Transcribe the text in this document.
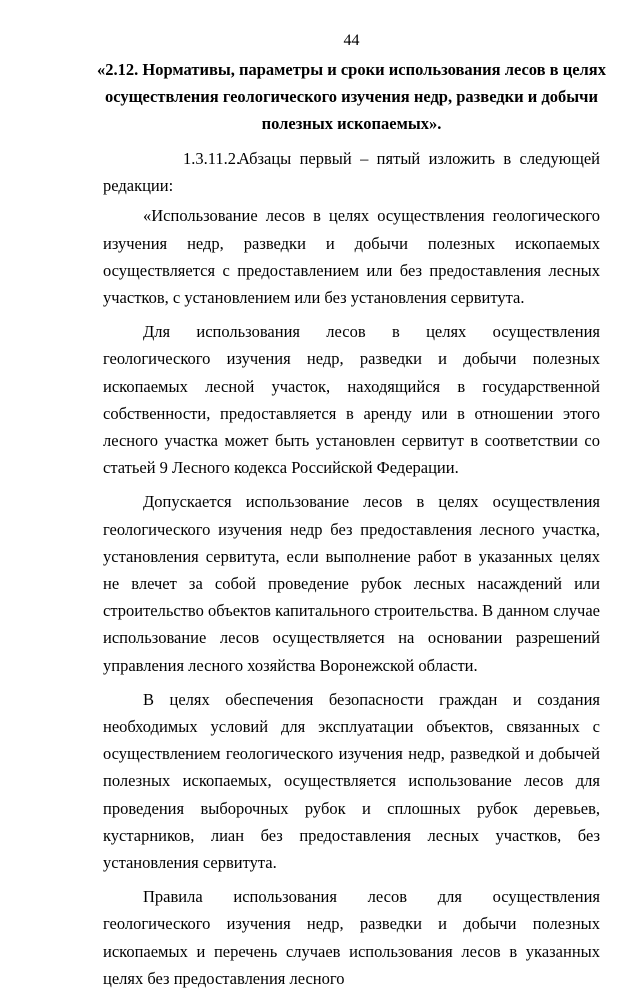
44
«2.12. Нормативы, параметры и сроки использования лесов в целях
осуществления геологического изучения недр, разведки и добычи
полезных ископаемых».

1.3.11.2.Абзацы первый – пятый изложить в следующей редакции:

«Использование лесов в целях осуществления геологического изучения недр, разведки и добычи полезных ископаемых осуществляется с предоставлением или без предоставления лесных участков, с установлением или без установления сервитута.

Для использования лесов в целях осуществления геологического изучения недр, разведки и добычи полезных ископаемых лесной участок, находящийся в государственной собственности, предоставляется в аренду или в отношении этого лесного участка может быть установлен сервитут в соответствии со статьей 9 Лесного кодекса Российской Федерации.

Допускается использование лесов в целях осуществления геологического изучения недр без предоставления лесного участка, установления сервитута, если выполнение работ в указанных целях не влечет за собой проведение рубок лесных насаждений или строительство объектов капитального строительства. В данном случае использование лесов осуществляется на основании разрешений управления лесного хозяйства Воронежской области.

В целях обеспечения безопасности граждан и создания необходимых условий для эксплуатации объектов, связанных с осуществлением геологического изучения недр, разведкой и добычей полезных ископаемых, осуществляется использование лесов для проведения выборочных рубок и сплошных рубок деревьев, кустарников, лиан без предоставления лесных участков, без установления сервитута.

Правила использования лесов для осуществления геологического изучения недр, разведки и добычи полезных ископаемых и перечень случаев использования лесов в указанных целях без предоставления лесного
